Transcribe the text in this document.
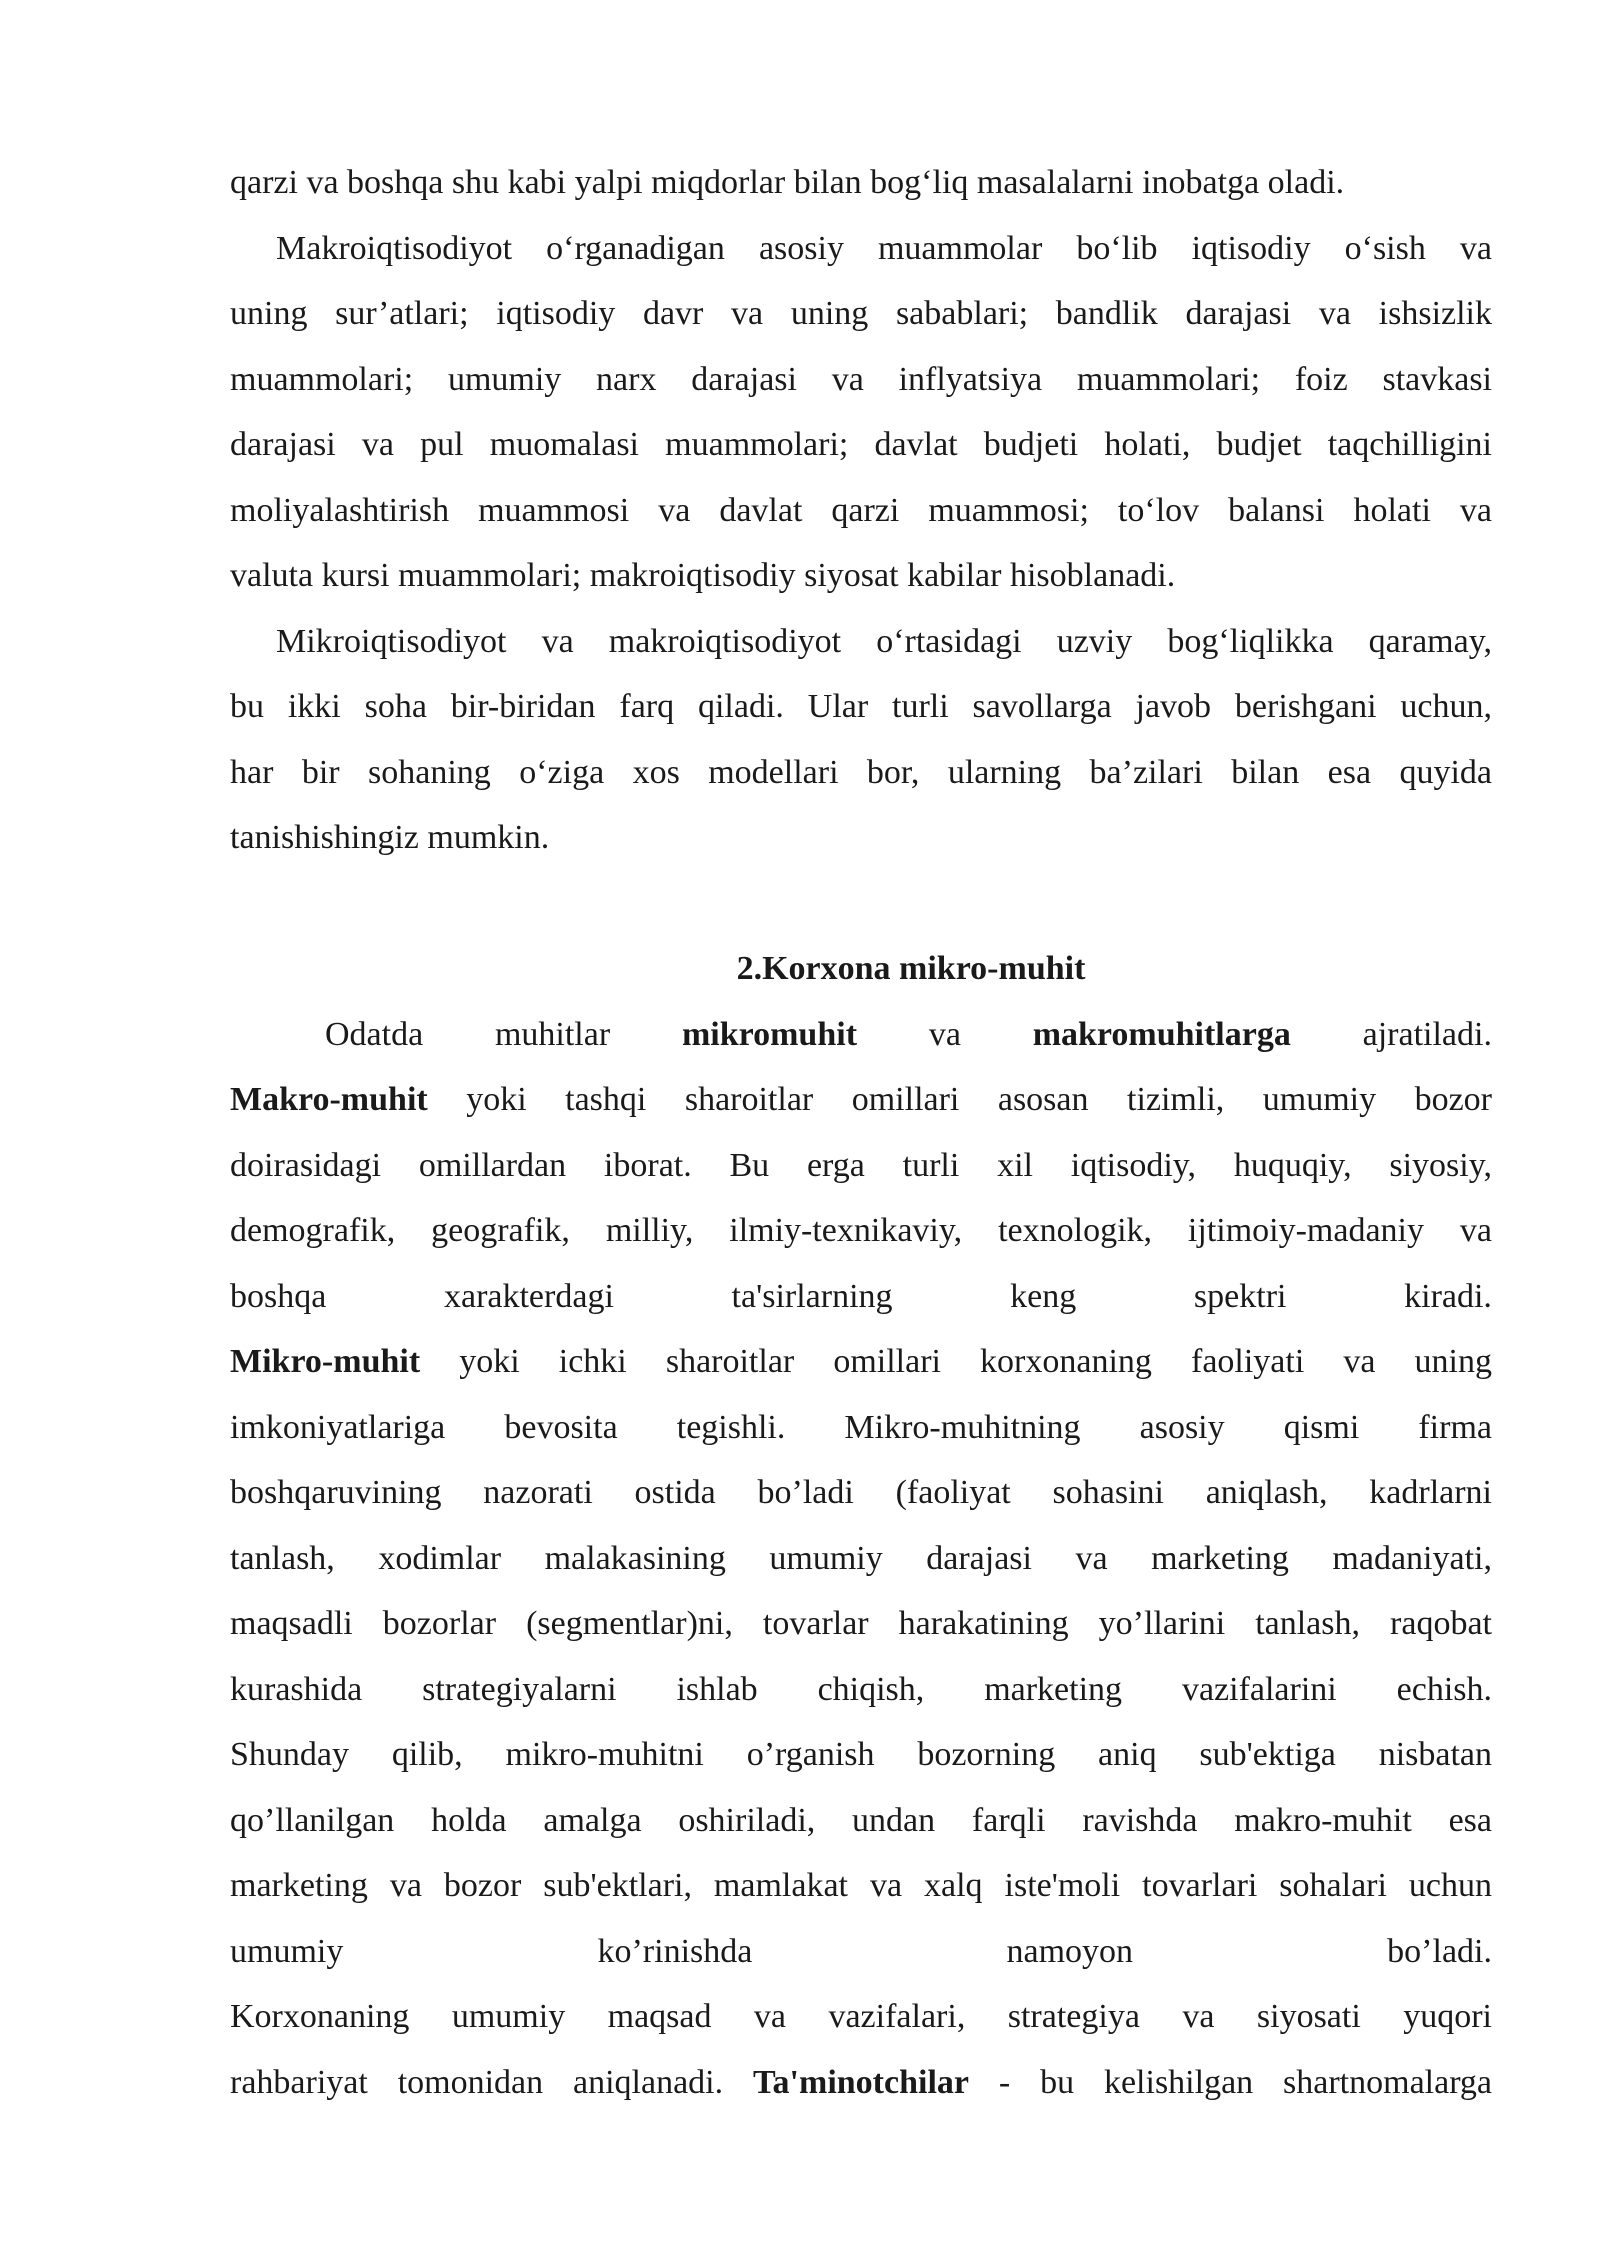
qarzi va boshqa shu kabi yalpi miqdorlar bilan bog‘liq masalalarni inobatga oladi.
Makroiqtisodiyot o‘rganadigan asosiy muammolar bo‘lib iqtisodiy o‘sish va
uning sur’atlari; iqtisodiy davr va uning sabablari; bandlik darajasi va ishsizlik
muammolari; umumiy narx darajasi va inflyatsiya muammolari; foiz stavkasi
darajasi va pul muomalasi muammolari; davlat budjeti holati, budjet taqchilligini
moliyalashtirish muammosi va davlat qarzi muammosi; to‘lov balansi holati va
valuta kursi muammolari; makroiqtisodiy siyosat kabilar hisoblanadi.
Mikroiqtisodiyot va makroiqtisodiyot o‘rtasidagi uzviy bog‘liqlikka qaramay,
bu ikki soha bir-biridan farq qiladi. Ular turli savollarga javob berishgani uchun,
har bir sohaning o‘ziga xos modellari bor, ularning ba’zilari bilan esa quyida
tanishishingiz mumkin.
2.Korxona mikro-muhit
Odatda muhitlar mikromuhit va makromuhitlarga ajratiladi.
Makro-muhit yoki tashqi sharoitlar omillari asosan tizimli, umumiy bozor
doirasidagi omillardan iborat. Bu erga turli xil iqtisodiy, huquqiy, siyosiy,
demografik, geografik, milliy, ilmiy-texnikaviy, texnologik, ijtimoiy-madaniy va
boshqa	xarakterdagi	ta'sirlarning	keng	spektri	kiradi.
Mikro-muhit yoki ichki sharoitlar omillari korxonaning faoliyati va uning
imkoniyatlariga bevosita tegishli. Mikro-muhitning asosiy qismi firma
boshqaruvining nazorati ostida bo’ladi (faoliyat sohasini aniqlash, kadrlarni
tanlash, xodimlar malakasining umumiy darajasi va marketing madaniyati,
maqsadli bozorlar (segmentlar)ni, tovarlar harakatining yo’llarini tanlash, raqobat
kurashida strategiyalarni ishlab chiqish, marketing vazifalarini echish.
Shunday qilib, mikro-muhitni o’rganish bozorning aniq sub'ektiga nisbatan
qo’llanilgan holda amalga oshiriladi, undan farqli ravishda makro-muhit esa
marketing va bozor sub'ektlari, mamlakat va xalq iste'moli tovarlari sohalari uchun
umumiy	ko’rinishda	namoyon	bo’ladi.
Korxonaning umumiy maqsad va vazifalari, strategiya va siyosati yuqori
rahbariyat tomonidan aniqlanadi. Ta'minotchilar - bu kelishilgan shartnomalarga
